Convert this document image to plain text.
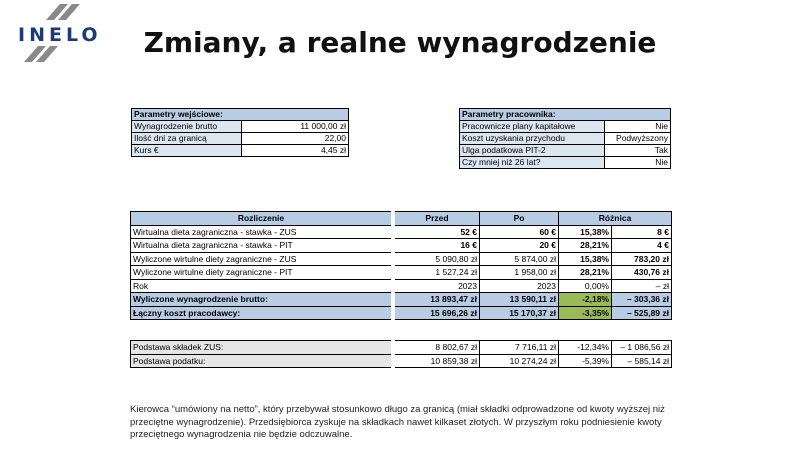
INELO	Zmiany, a realne wynagrodzenie
Parametry wejściowe:	
Wynagrodzenie brutto	11 000,00 zł
Ilość dni za granicą	22,00
Kurs €	4,45 zł
Parametry pracownika:	
Pracownicze plany kapitałowe	Nie
Koszt uzyskania przychodu	Podwyższony
Ulga podatkowa PIT-2	Tak
Czy mniej niż 26 lat?	Nie
Rozliczenie	Przed	Po	Różnica	
Wirtualna dieta zagraniczna - stawka - ZUS	52 €	60 €	15,38%	8 €
Wirtualna dieta zagraniczna - stawka - PIT	16 €	20 €	28,21%	4 €
Wyliczone wirtulne diety zagraniczne - ZUS	5 090,80 zł	5 874,00 zł	15,38%	783,20 zł
Wyliczone wirtulne diety zagraniczne - PIT	1 527,24 zł	1 958,00 zł	28,21%	430,76 zł
Rok	2023	2023	0,00%	– zł
Wyliczone wynagrodzenie brutto:	13 893,47 zł	13 590,11 zł	-2,18%	– 303,36 zł
Łączny koszt pracodawcy:	15 696,26 zł	15 170,37 zł	-3,35%	– 525,89 zł
Podstawa składek ZUS:	8 802,67 zł	7 716,11 zł	-12,34%	– 1 086,56 zł
Podstawa podatku:	10 859,38 zł	10 274,24 zł	-5,39%	– 585,14 zł
Kierowca “umówiony na netto”, który przebywał stosunkowo długo za granicą (miał składki odprowadzone od kwoty wyższej niż przeciętne wynagrodzenie). Przedsiębiorca zyskuje na składkach nawet kilkaset złotych. W przyszłym roku podniesienie kwoty przeciętnego wynagrodzenia nie będzie odczuwalne.
